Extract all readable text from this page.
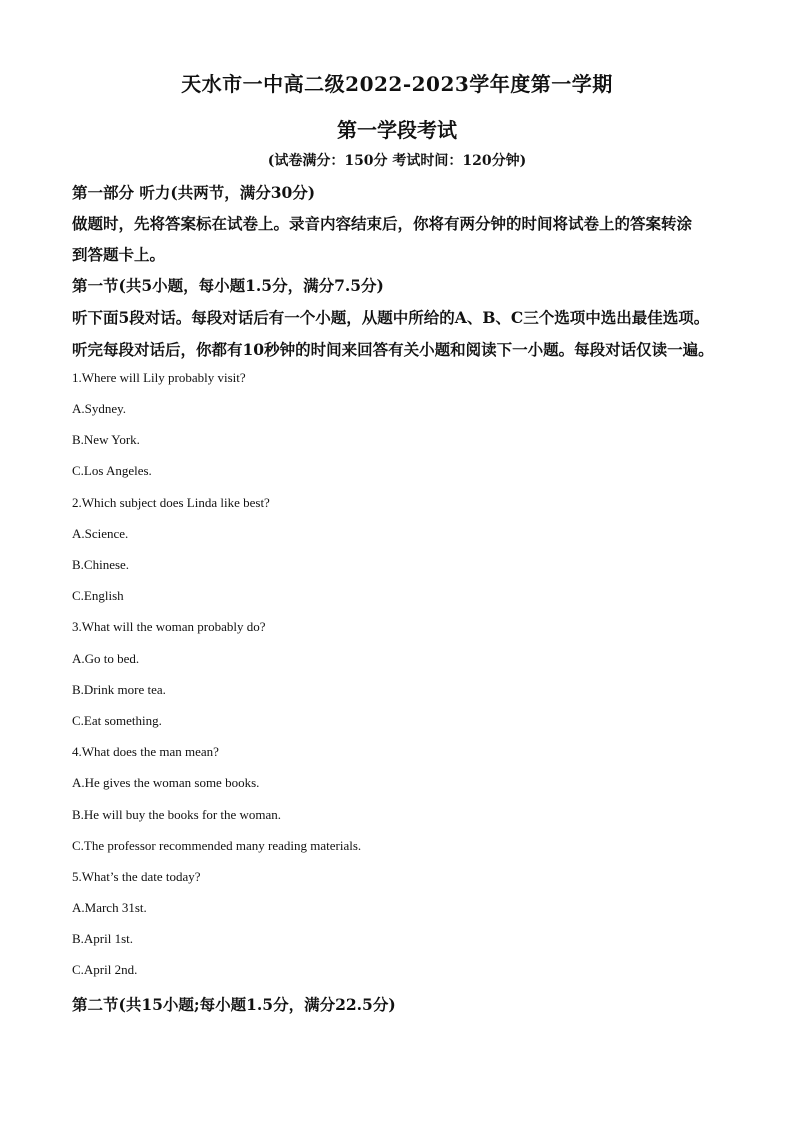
天水市一中高二级2022-2023学年度第一学期
第一学段考试
(试卷满分：150分 考试时间：120分钟)
第一部分 听力(共两节，满分30分)
做题时，先将答案标在试卷上。录音内容结束后，你将有两分钟的时间将试卷上的答案转涂
到答题卡上。
第一节(共5小题，每小题1.5分，满分7.5分)
听下面5段对话。每段对话后有一个小题，从题中所给的A、B、C三个选项中选出最佳选项。
听完每段对话后，你都有10秒钟的时间来回答有关小题和阅读下一小题。每段对话仅读一遍。
1.Where will Lily probably visit?
A.Sydney.
B.New York.
C.Los Angeles.
2.Which subject does Linda like best?
A.Science.
B.Chinese.
C.English
3.What will the woman probably do?
A.Go to bed.
B.Drink more tea.
C.Eat something.
4.What does the man mean?
A.He gives the woman some books.
B.He will buy the books for the woman.
C.The professor recommended many reading materials.
5.What’s the date today?
A.March 31st.
B.April 1st.
C.April 2nd.
第二节(共15小题;每小题1.5分，满分22.5分)
